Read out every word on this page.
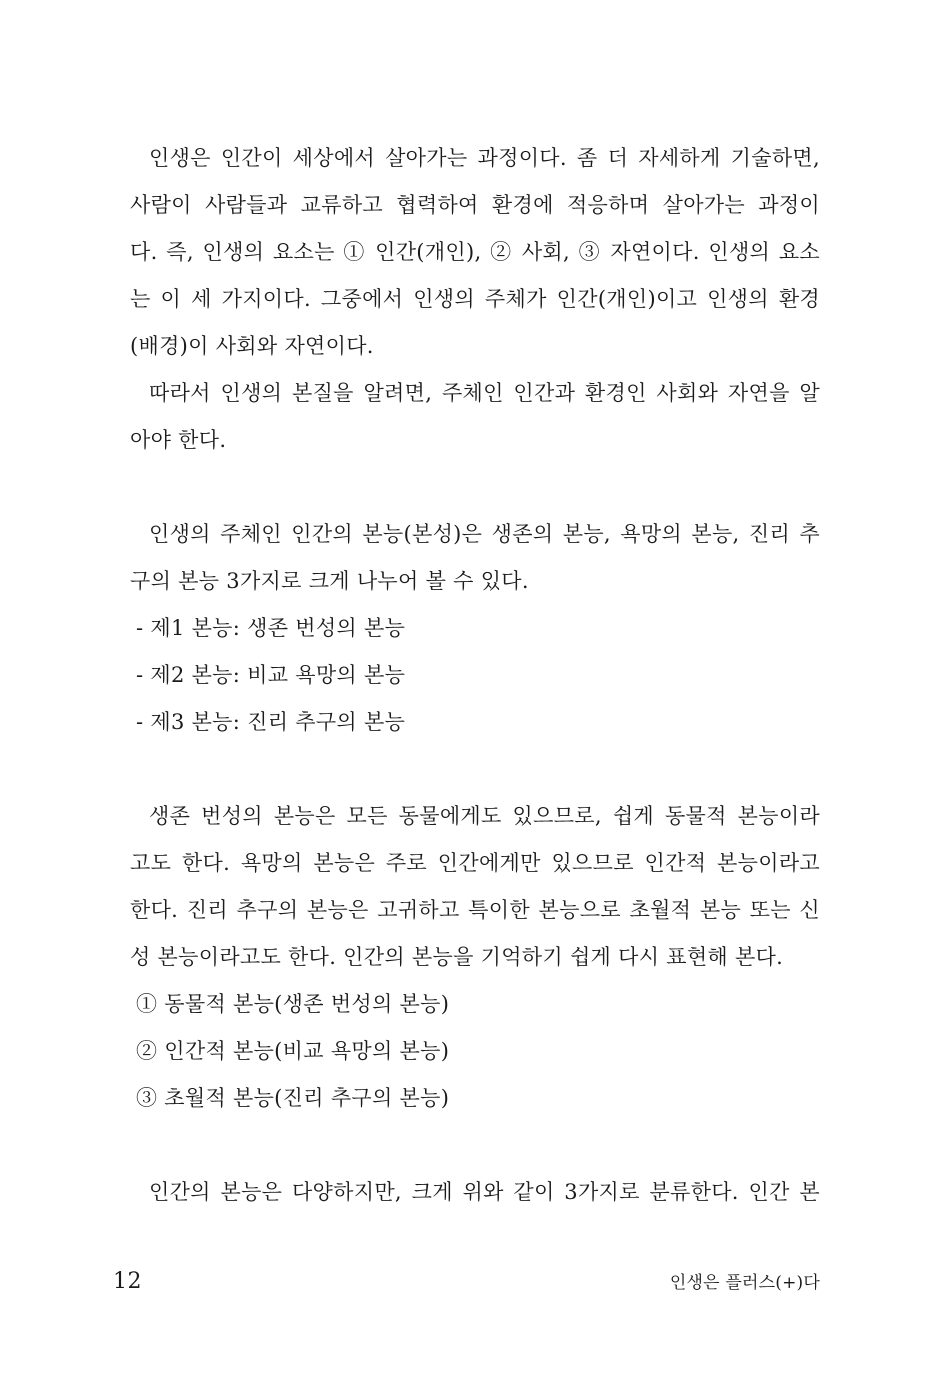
인생은 인간이 세상에서 살아가는 과정이다. 좀 더 자세하게 기술하면,
사람이 사람들과 교류하고 협력하여 환경에 적응하며 살아가는 과정이
다. 즉, 인생의 요소는 ① 인간(개인), ② 사회, ③ 자연이다. 인생의 요소
는 이 세 가지이다. 그중에서 인생의 주체가 인간(개인)이고 인생의 환경
(배경)이 사회와 자연이다.
따라서 인생의 본질을 알려면, 주체인 인간과 환경인 사회와 자연을 알
아야 한다.
인생의 주체인 인간의 본능(본성)은 생존의 본능, 욕망의 본능, 진리 추
구의 본능 3가지로 크게 나누어 볼 수 있다.
- 제1 본능: 생존 번성의 본능
- 제2 본능: 비교 욕망의 본능
- 제3 본능: 진리 추구의 본능
생존 번성의 본능은 모든 동물에게도 있으므로, 쉽게 동물적 본능이라
고도 한다. 욕망의 본능은 주로 인간에게만 있으므로 인간적 본능이라고
한다. 진리 추구의 본능은 고귀하고 특이한 본능으로 초월적 본능 또는 신
성 본능이라고도 한다. 인간의 본능을 기억하기 쉽게 다시 표현해 본다.
① 동물적 본능(생존 번성의 본능)
② 인간적 본능(비교 욕망의 본능)
③ 초월적 본능(진리 추구의 본능)
인간의 본능은 다양하지만, 크게 위와 같이 3가지로 분류한다. 인간 본
12	인생은 플러스(+)다
